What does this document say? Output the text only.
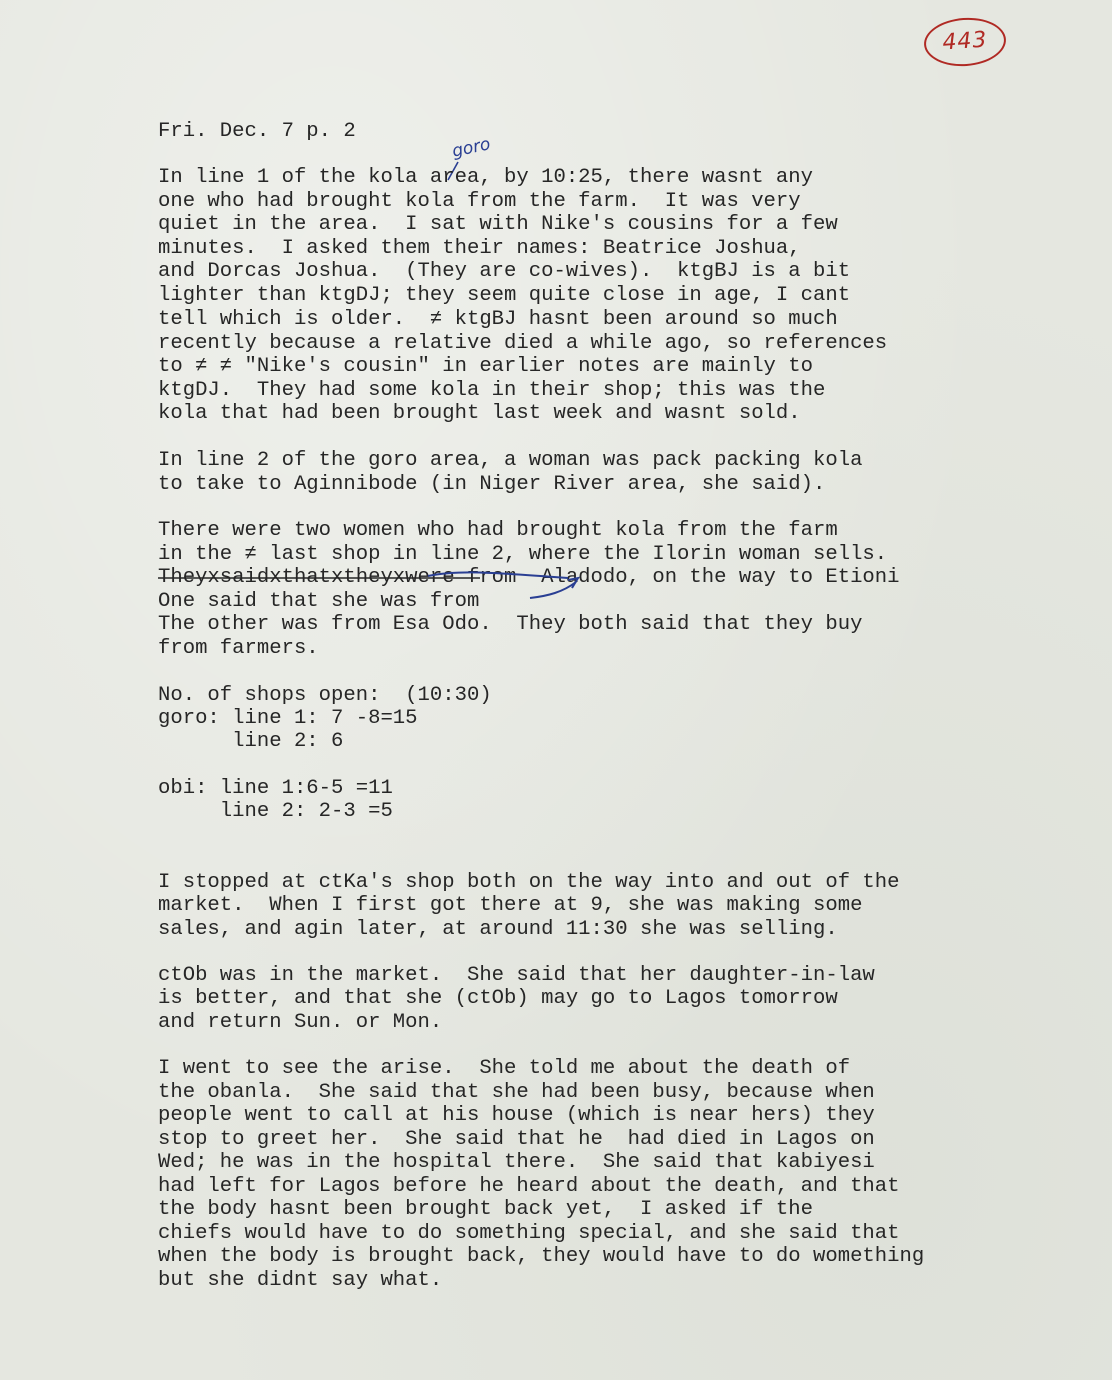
443
goro
Fri. Dec. 7 p. 2
In line 1 of the kola area, by 10:25, there wasnt any
one who had brought kola from the farm.  It was very
quiet in the area.  I sat with Nike's cousins for a few
minutes.  I asked them their names: Beatrice Joshua,
and Dorcas Joshua.  (They are co-wives).  ktgBJ is a bit
lighter than ktgDJ; they seem quite close in age, I cant
tell which is older.  ≠ ktgBJ hasnt been around so much
recently because a relative died a while ago, so references
to ≠ ≠ "Nike's cousin" in earlier notes are mainly to
ktgDJ.  They had some kola in their shop; this was the
kola that had been brought last week and wasnt sold.
In line 2 of the goro area, a woman was pack packing kola
to take to Aginnibode (in Niger River area, she said).
There were two women who had brought kola from the farm
in the ≠ last shop in line 2, where the Ilorin woman sells.
Theyxsaidxthatxtheyxwere from  Aladodo, on the way to Etioni
One said that she was from
The other was from Esa Odo.  They both said that they buy
from farmers.
No. of shops open:  (10:30)
goro: line 1: 7 -8=15
line 2: 6
obi: line 1:6-5 =11
line 2: 2-3 =5
I stopped at ctKa's shop both on the way into and out of the
market.  When I first got there at 9, she was making some
sales, and agin later, at around 11:30 she was selling.
ctOb was in the market.  She said that her daughter-in-law
is better, and that she (ctOb) may go to Lagos tomorrow
and return Sun. or Mon.
I went to see the arise.  She told me about the death of
the obanla.  She said that she had been busy, because when
people went to call at his house (which is near hers) they
stop to greet her.  She said that he  had died in Lagos on
Wed; he was in the hospital there.  She said that kabiyesi
had left for Lagos before he heard about the death, and that
the body hasnt been brought back yet,  I asked if the
chiefs would have to do something special, and she said that
when the body is brought back, they would have to do womething
but she didnt say what.
